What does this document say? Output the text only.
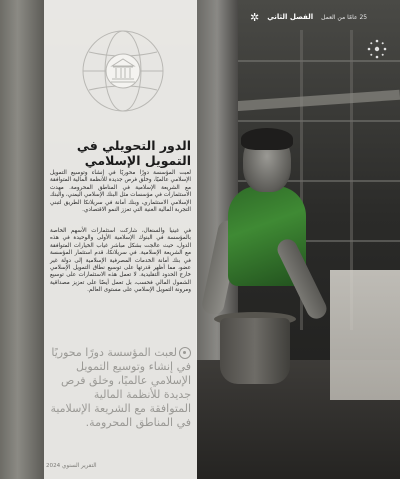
✲ الفصل الثاني 25 عامًا من العمل
الدور التحويلي في التمويل الإسلامي

لعبت المؤسسة دورًا محوريًا في إنشاء وتوسيع التمويل الإسلامي عالميًا، وخلق فرص جديدة للأنظمة المالية المتوافقة مع الشريعة الإسلامية في المناطق المحرومة. مهدت الاستثمارات في مؤسسات مثل البنك الإسلامي اليمني، والبنك الإسلامي الاستثماري، وبنك أمانة في سريلانكا الطريق لتبني التجربة المالية الغنية التي تعزز النمو الاقتصادي.

في غينيا والسنغال، شاركت استثمارات الأسهم الخاصة بالمؤسسة في البنوك الإسلامية الأولى والوحيدة في هذه الدول، حيث عالجت بشكل مباشر غياب الخيارات المتوافقة مع الشريعة الإسلامية. في سريلانكا، قدم استثمار المؤسسة في بنك أمانة الخدمات المصرفية الإسلامية إلى دولة غير عضو، مما أظهر قدرتها على توسيع نطاق التمويل الإسلامي خارج الحدود التقليدية. لا تعمل هذه الاستثمارات على توسيع الشمول المالي فحسب، بل تعمل أيضًا على تعزيز مصداقية ومرونة التمويل الإسلامي على مستوى العالم.

لعبت المؤسسة دورًا محوريًا في إنشاء وتوسيع التمويل الإسلامي عالميًا، وخلق فرص جديدة للأنظمة المالية المتوافقة مع الشريعة الإسلامية في المناطق المحرومة.

التقرير السنوي 2024
